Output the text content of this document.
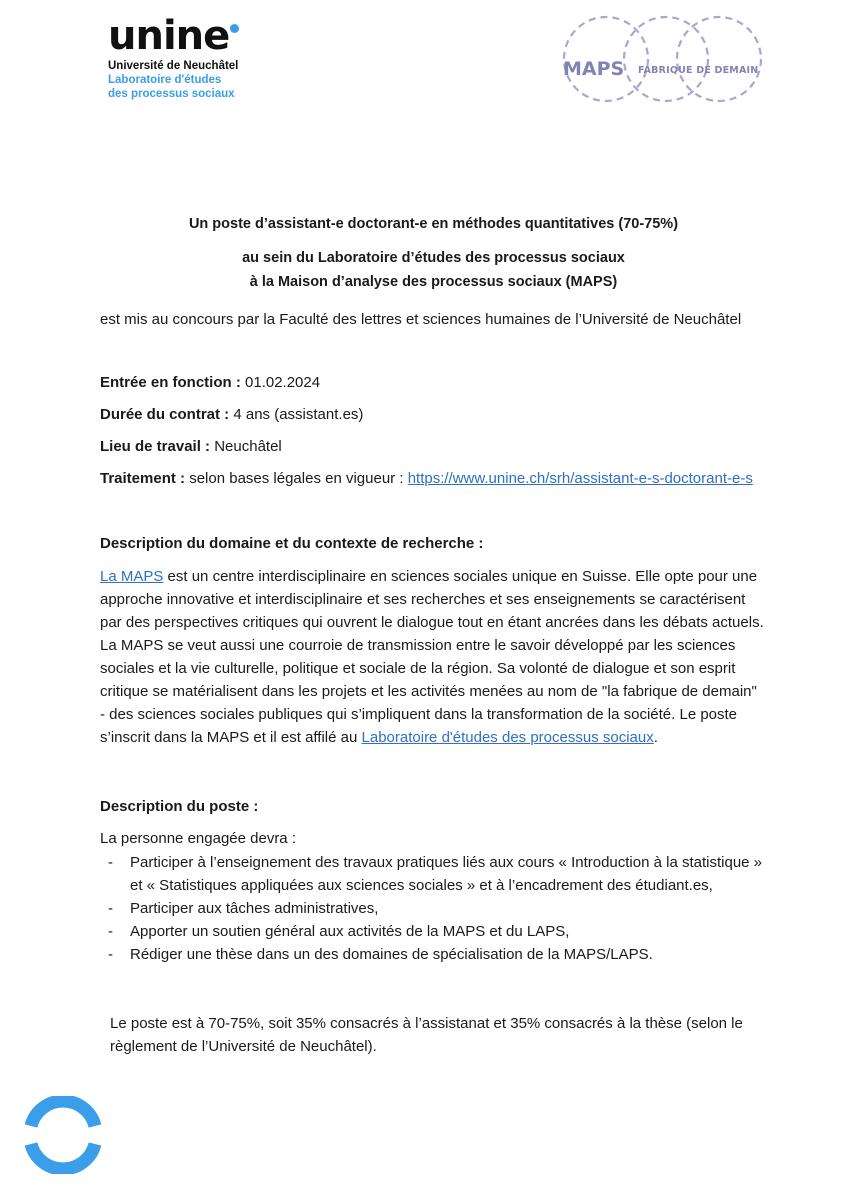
unine
Université de Neuchâtel
Laboratoire d'études
des processus sociaux
MAPS FABRIQUE DE DEMAIN
Un poste d’assistant-e doctorant-e en méthodes quantitatives (70-75%)
au sein du Laboratoire d’études des processus sociaux
à la Maison d’analyse des processus sociaux (MAPS)
est mis au concours par la Faculté des lettres et sciences humaines de l’Université de Neuchâtel
Entrée en fonction : 01.02.2024
Durée du contrat : 4 ans (assistant.es)
Lieu de travail : Neuchâtel
Traitement : selon bases légales en vigueur : https://www.unine.ch/srh/assistant-e-s-doctorant-e-s
Description du domaine et du contexte de recherche :
La MAPS est un centre interdisciplinaire en sciences sociales unique en Suisse. Elle opte pour une approche innovative et interdisciplinaire et ses recherches et ses enseignements se caractérisent par des perspectives critiques qui ouvrent le dialogue tout en étant ancrées dans les débats actuels. La MAPS se veut aussi une courroie de transmission entre le savoir développé par les sciences sociales et la vie culturelle, politique et sociale de la région. Sa volonté de dialogue et son esprit critique se matérialisent dans les projets et les activités menées au nom de "la fabrique de demain" - des sciences sociales publiques qui s’impliquent dans la transformation de la société. Le poste s’inscrit dans la MAPS et il est affilé au Laboratoire d'études des processus sociaux.
Description du poste :
La personne engagée devra :
- Participer à l’enseignement des travaux pratiques liés aux cours « Introduction à la statistique » et « Statistiques appliquées aux sciences sociales » et à l’encadrement des étudiant.es,
- Participer aux tâches administratives,
- Apporter un soutien général aux activités de la MAPS et du LAPS,
- Rédiger une thèse dans un des domaines de spécialisation de la MAPS/LAPS.
Le poste est à 70-75%, soit 35% consacrés à l’assistanat et 35% consacrés à la thèse (selon le règlement de l’Université de Neuchâtel).
